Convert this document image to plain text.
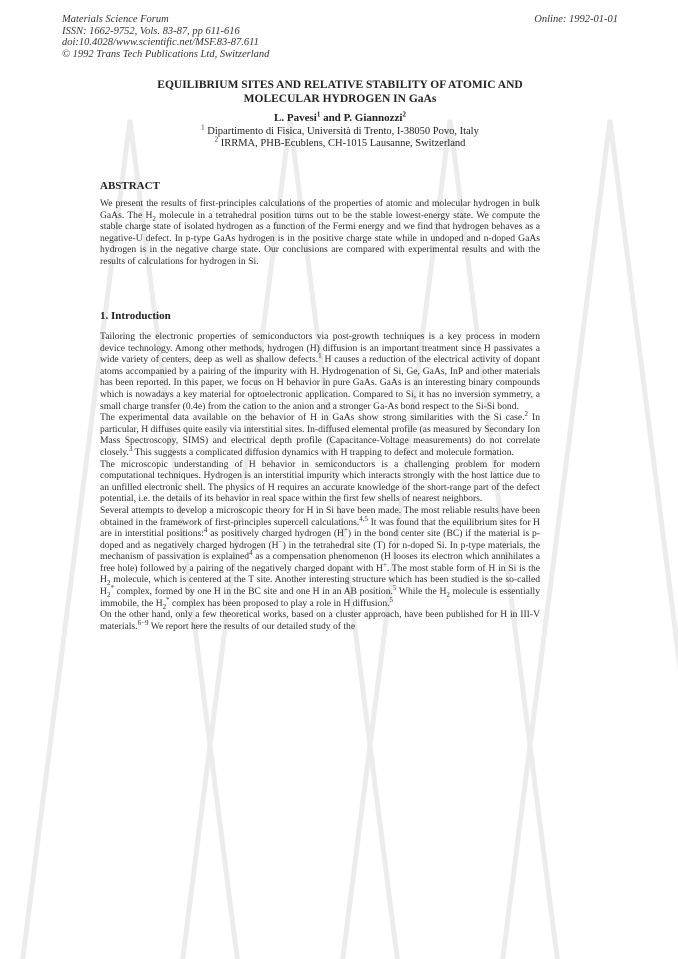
Materials Science Forum
ISSN: 1662-9752, Vols. 83-87, pp 611-616
doi:10.4028/www.scientific.net/MSF.83-87.611
© 1992 Trans Tech Publications Ltd, Switzerland
Online: 1992-01-01
EQUILIBRIUM SITES AND RELATIVE STABILITY OF ATOMIC AND
MOLECULAR HYDROGEN IN GaAs
L. Pavesi$^1$ and P. Giannozzi$^2$
$^1$ Dipartimento di Fisica, Università di Trento, I-38050 Povo, Italy
$^2$ IRRMA, PHB-Ecublens, CH-1015 Lausanne, Switzerland
ABSTRACT
We present the results of first-principles calculations of the properties of atomic and molecular hydrogen in bulk GaAs. The $H_2$ molecule in a tetrahedral position turns out to be the stable lowest-energy state. We compute the stable charge state of isolated hydrogen as a function of the Fermi energy and we find that hydrogen behaves as a negative-U defect. In p-type GaAs hydrogen is in the positive charge state while in undoped and n-doped GaAs hydrogen is in the negative charge state. Our conclusions are compared with experimental results and with the results of calculations for hydrogen in Si.
1. Introduction

Tailoring the electronic properties of semiconductors via post-growth techniques is a key process in modern device technology. Among other methods, hydrogen (H) diffusion is an important treatment since H passivates a wide variety of centers, deep as well as shallow defects.$^1$ H causes a reduction of the electrical activity of dopant atoms accompanied by a pairing of the impurity with H. Hydrogenation of Si, Ge, GaAs, InP and other materials has been reported. In this paper, we focus on H behavior in pure GaAs. GaAs is an interesting binary compounds which is nowadays a key material for optoelectronic application. Compared to Si, it has no inversion symmetry, a small charge transfer (0.4e) from the cation to the anion and a stronger Ga-As bond respect to the Si-Si bond.

The experimental data available on the behavior of H in GaAs show strong similarities with the Si case.$^2$ In particular, H diffuses quite easily via interstitial sites. In-diffused elemental profile (as measured by Secondary Ion Mass Spectroscopy, SIMS) and electrical depth profile (Capacitance-Voltage measurements) do not correlate closely.$^3$ This suggests a complicated diffusion dynamics with H trapping to defect and molecule formation.

The microscopic understanding of H behavior in semiconductors is a challenging problem for modern computational techniques. Hydrogen is an interstitial impurity which interacts strongly with the host lattice due to an unfilled electronic shell. The physics of H requires an accurate knowledge of the short-range part of the defect potential, i.e. the details of its behavior in real space within the first few shells of nearest neighbors.

Several attempts to develop a microscopic theory for H in Si have been made. The most reliable results have been obtained in the framework of first-principles supercell calculations.$^{4,5}$ It was found that the equilibrium sites for H are in interstitial positions:$^4$ as positively charged hydrogen (H+) in the bond center site (BC) if the material is p-doped and as negatively charged hydrogen (H−) in the tetrahedral site (T) for n-doped Si. In p-type materials, the mechanism of passivation is explained$^4$ as a compensation phenomenon (H looses its electron which annihilates a free hole) followed by a pairing of the negatively charged dopant with H+. The most stable form of H in Si is the $H_2$ molecule, which is centered at the T site. Another interesting structure which has been studied is the so-called $H_2^*$ complex, formed by one H in the BC site and one H in an AB position.$^5$ While the $H_2$ molecule is essentially immobile, the $H_2^*$ complex has been proposed to play a role in H diffusion.$^5$

On the other hand, only a few theoretical works, based on a cluster approach, have been published for H in III-V materials.$^{6-9}$ We report here the results of our detailed study of the
